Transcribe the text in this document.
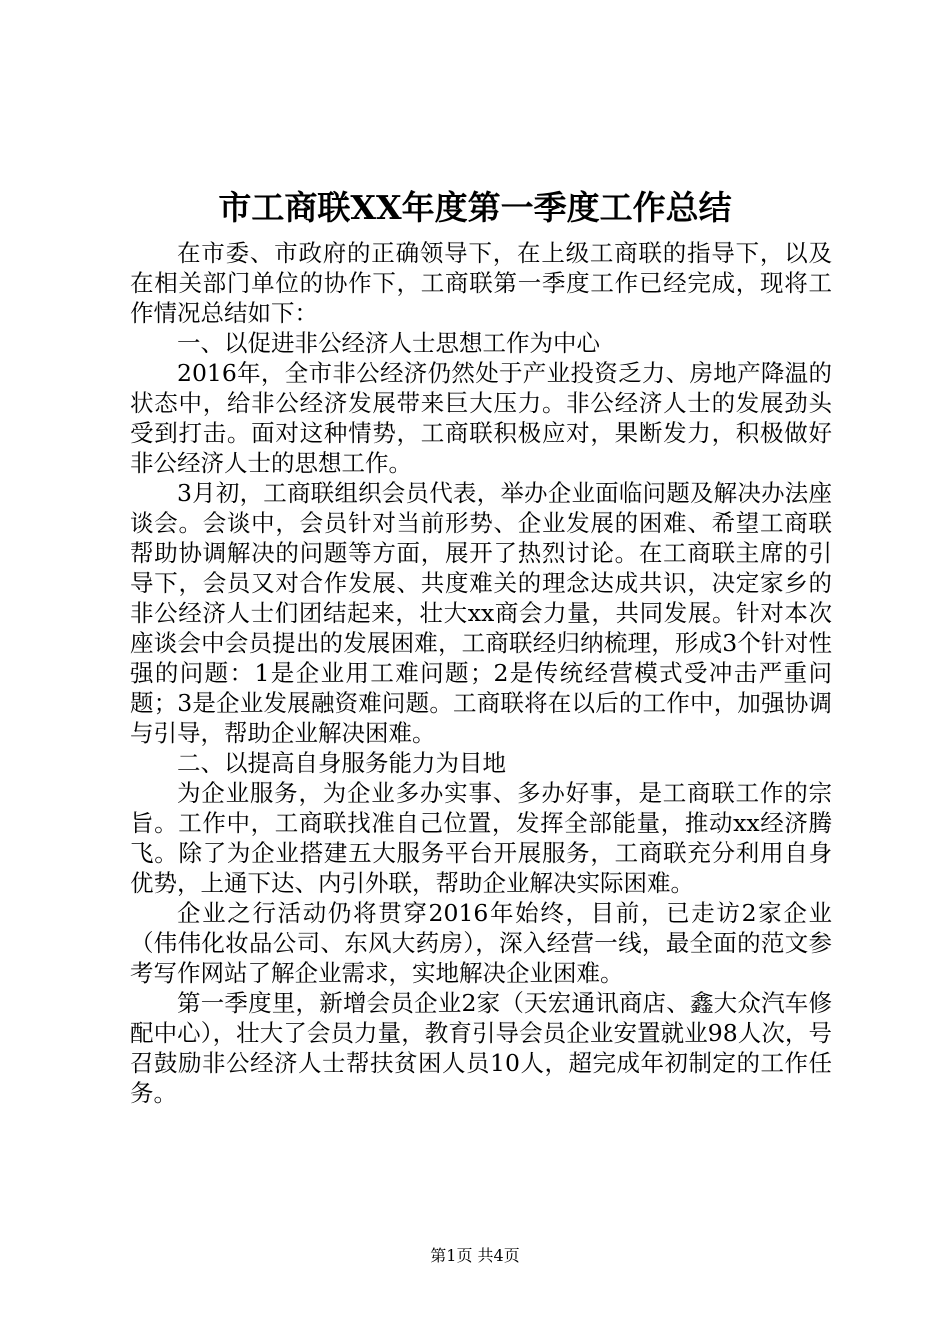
市工商联XX年度第一季度工作总结

在市委、市政府的正确领导下，在上级工商联的指导下，以及在相关部门单位的协作下，工商联第一季度工作已经完成，现将工作情况总结如下：

一、以促进非公经济人士思想工作为中心

2016年，全市非公经济仍然处于产业投资乏力、房地产降温的状态中，给非公经济发展带来巨大压力。非公经济人士的发展劲头受到打击。面对这种情势，工商联积极应对，果断发力，积极做好非公经济人士的思想工作。

3月初，工商联组织会员代表，举办企业面临问题及解决办法座谈会。会谈中，会员针对当前形势、企业发展的困难、希望工商联帮助协调解决的问题等方面，展开了热烈讨论。在工商联主席的引导下，会员又对合作发展、共度难关的理念达成共识，决定家乡的非公经济人士们团结起来，壮大xx商会力量，共同发展。针对本次座谈会中会员提出的发展困难，工商联经归纳梳理，形成3个针对性强的问题：1是企业用工难问题；2是传统经营模式受冲击严重问题；3是企业发展融资难问题。工商联将在以后的工作中，加强协调与引导，帮助企业解决困难。

二、以提高自身服务能力为目地

为企业服务，为企业多办实事、多办好事，是工商联工作的宗旨。工作中，工商联找准自己位置，发挥全部能量，推动xx经济腾飞。除了为企业搭建五大服务平台开展服务，工商联充分利用自身优势，上通下达、内引外联，帮助企业解决实际困难。

企业之行活动仍将贯穿2016年始终，目前，已走访2家企业（伟伟化妆品公司、东风大药房），深入经营一线，最全面的范文参考写作网站了解企业需求，实地解决企业困难。

第一季度里，新增会员企业2家（天宏通讯商店、鑫大众汽车修配中心），壮大了会员力量，教育引导会员企业安置就业98人次，号召鼓励非公经济人士帮扶贫困人员10人，超完成年初制定的工作任务。

第1页 共4页
